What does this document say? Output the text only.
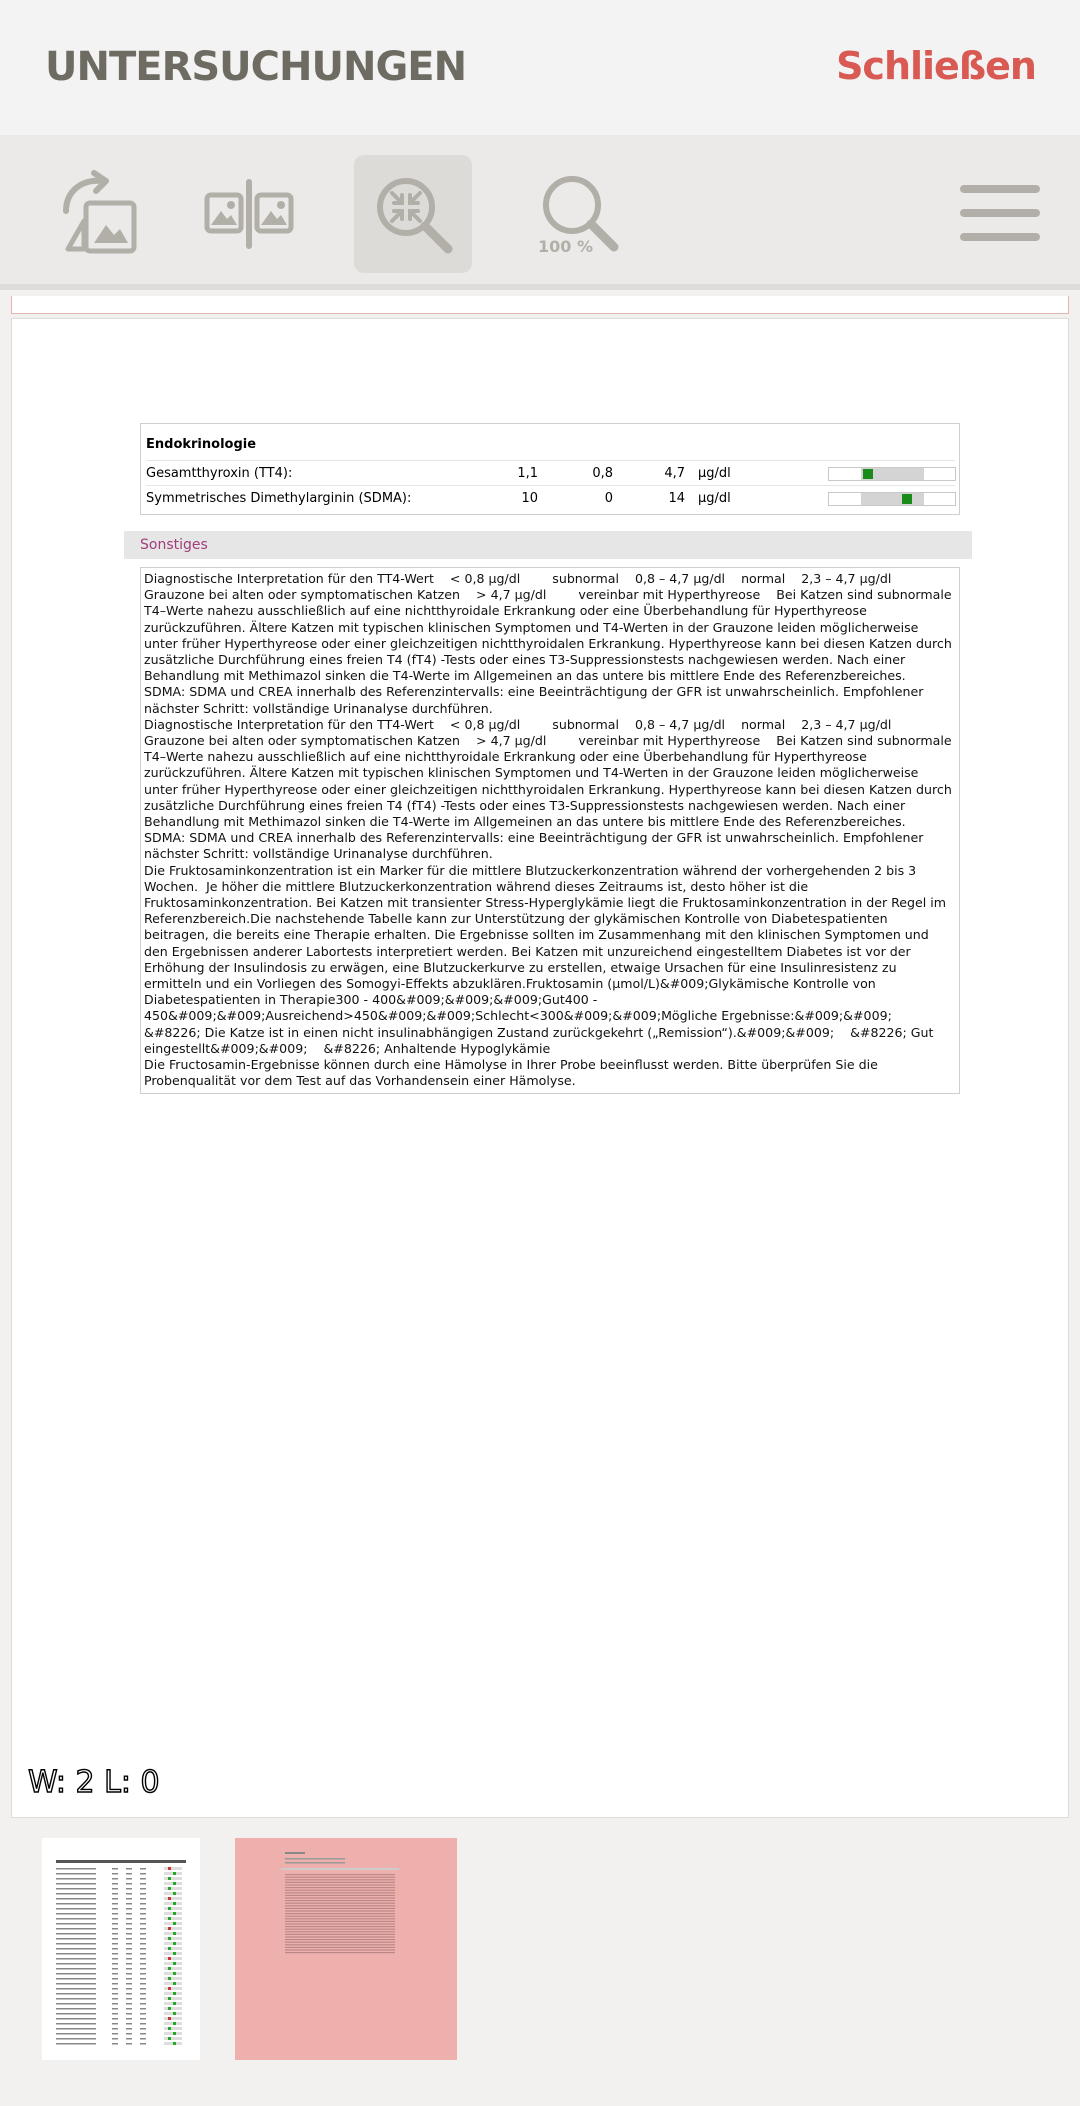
UNTERSUCHUNGEN	Schließen
100 %
Endokrinologie
Gesamtthyroxin (TT4):	1,1	0,8	4,7 µg/dl
Symmetrisches Dimethylarginin (SDMA):	10	0	14 µg/dl
Sonstiges

Diagnostische Interpretation für den TT4-Wert    < 0,8 µg/dl        subnormal    0,8 – 4,7 µg/dl    normal    2,3 – 4,7 µg/dl    Grauzone bei alten oder symptomatischen Katzen    > 4,7 µg/dl        vereinbar mit Hyperthyreose    Bei Katzen sind subnormale T4–Werte nahezu ausschließlich auf eine nichtthyroidale Erkrankung oder eine Überbehandlung für Hyperthyreose zurückzuführen. Ältere Katzen mit typischen klinischen Symptomen und T4-Werten in der Grauzone leiden möglicherweise unter früher Hyperthyreose oder einer gleichzeitigen nichtthyroidalen Erkrankung. Hyperthyreose kann bei diesen Katzen durch zusätzliche Durchführung eines freien T4 (fT4) -Tests oder eines T3-Suppressionstests nachgewiesen werden. Nach einer Behandlung mit Methimazol sinken die T4-Werte im Allgemeinen an das untere bis mittlere Ende des Referenzbereiches.
SDMA: SDMA und CREA innerhalb des Referenzintervalls: eine Beeinträchtigung der GFR ist unwahrscheinlich. Empfohlener nächster Schritt: vollständige Urinanalyse durchführen.
Diagnostische Interpretation für den TT4-Wert    < 0,8 µg/dl        subnormal    0,8 – 4,7 µg/dl    normal    2,3 – 4,7 µg/dl    Grauzone bei alten oder symptomatischen Katzen    > 4,7 µg/dl        vereinbar mit Hyperthyreose    Bei Katzen sind subnormale T4–Werte nahezu ausschließlich auf eine nichtthyroidale Erkrankung oder eine Überbehandlung für Hyperthyreose zurückzuführen. Ältere Katzen mit typischen klinischen Symptomen und T4-Werten in der Grauzone leiden möglicherweise unter früher Hyperthyreose oder einer gleichzeitigen nichtthyroidalen Erkrankung. Hyperthyreose kann bei diesen Katzen durch zusätzliche Durchführung eines freien T4 (fT4) -Tests oder eines T3-Suppressionstests nachgewiesen werden. Nach einer Behandlung mit Methimazol sinken die T4-Werte im Allgemeinen an das untere bis mittlere Ende des Referenzbereiches.
SDMA: SDMA und CREA innerhalb des Referenzintervalls: eine Beeinträchtigung der GFR ist unwahrscheinlich. Empfohlener nächster Schritt: vollständige Urinanalyse durchführen.
Die Fruktosaminkonzentration ist ein Marker für die mittlere Blutzuckerkonzentration während der vorhergehenden 2 bis 3 Wochen.  Je höher die mittlere Blutzuckerkonzentration während dieses Zeitraums ist, desto höher ist die Fruktosaminkonzentration. Bei Katzen mit transienter Stress-Hyperglykämie liegt die Fruktosaminkonzentration in der Regel im Referenzbereich.Die nachstehende Tabelle kann zur Unterstützung der glykämischen Kontrolle von Diabetespatienten beitragen, die bereits eine Therapie erhalten. Die Ergebnisse sollten im Zusammenhang mit den klinischen Symptomen und den Ergebnissen anderer Labortests interpretiert werden. Bei Katzen mit unzureichend eingestelltem Diabetes ist vor der Erhöhung der Insulindosis zu erwägen, eine Blutzuckerkurve zu erstellen, etwaige Ursachen für eine Insulinresistenz zu ermitteln und ein Vorliegen des Somogyi-Effekts abzuklären.Fruktosamin (µmol/L)&#009;Glykämische Kontrolle von Diabetespatienten in Therapie300 - 400&#009;&#009;&#009;Gut400 - 450&#009;&#009;Ausreichend>450&#009;&#009;Schlecht<300&#009;&#009;Mögliche Ergebnisse:&#009;&#009;    &#8226; Die Katze ist in einen nicht insulinabhängigen Zustand zurückgekehrt („Remission“).&#009;&#009;    &#8226; Gut eingestellt&#009;&#009;    &#8226; Anhaltende Hypoglykämie
Die Fructosamin-Ergebnisse können durch eine Hämolyse in Ihrer Probe beeinflusst werden. Bitte überprüfen Sie die Probenqualität vor dem Test auf das Vorhandensein einer Hämolyse.

W: 2 L: 0
